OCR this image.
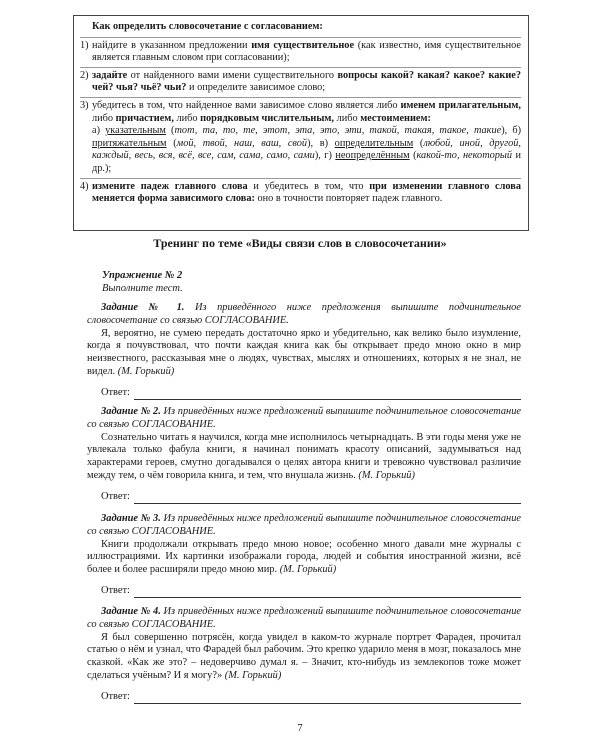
Как определить словосочетание с согласованием:
1) найдите в указанном предложении имя существительное (как известно, имя существительное является главным словом при согласовании);
2) задайте от найденного вами имени существительного вопросы какой? какая? какое? какие? чей? чья? чьё? чьи? и определите зависимое слово;
3) убедитесь в том, что найденное вами зависимое слово является либо именем прилагательным, либо причастием, либо порядковым числительным, либо местоимением:
а) указательным (тот, та, то, те, этот, эта, это, эти, такой, такая, такое, такие), б) притяжательным (мой, твой, наш, ваш, свой), в) определительным (любой, иной, другой, каждый, весь, вся, всё, все, сам, сама, само, сами), г) неопределённым (какой-то, некоторый и др.);
4) измените падеж главного слова и убедитесь в том, что при изменении главного слова меняется форма зависимого слова: оно в точности повторяет падеж главного.
Тренинг по теме «Виды связи слов в словосочетании»
Упражнение № 2
Выполните тест.

Задание № 1. Из приведённого ниже предложения выпишите подчинительное словосочетание со связью СОГЛАСОВАНИЕ.

Я, вероятно, не сумею передать достаточно ярко и убедительно, как велико было изумление, когда я почувствовал, что почти каждая книга как бы открывает предо мною окно в мир неизвестного, рассказывая мне о людях, чувствах, мыслях и отношениях, которых я не знал, не видел. (М. Горький)

Ответ:

Задание № 2. Из приведённых ниже предложений выпишите подчинительное словосочетание со связью СОГЛАСОВАНИЕ.

Сознательно читать я научился, когда мне исполнилось четырнадцать. В эти годы меня уже не увлекала только фабула книги, я начинал понимать красоту описаний, задумываться над характерами героев, смутно догадывался о целях автора книги и тревожно чувствовал различие между тем, о чём говорила книга, и тем, что внушала жизнь. (М. Горький)

Ответ:

Задание № 3. Из приведённых ниже предложений выпишите подчинительное словосочетание со связью СОГЛАСОВАНИЕ.

Книги продолжали открывать предо мною новое; особенно много давали мне журналы с иллюстрациями. Их картинки изображали города, людей и события иностранной жизни, всё более и более расширяли предо мною мир. (М. Горький)

Ответ:

Задание № 4. Из приведённых ниже предложений выпишите подчинительное словосочетание со связью СОГЛАСОВАНИЕ.

Я был совершенно потрясён, когда увидел в каком-то журнале портрет Фарадея, прочитал статью о нём и узнал, что Фарадей был рабочим. Это крепко ударило меня в мозг, показалось мне сказкой. «Как же это? – недоверчиво думал я. – Значит, кто-нибудь из землекопов тоже может сделаться учёным? И я могу?» (М. Горький)

Ответ:
7
